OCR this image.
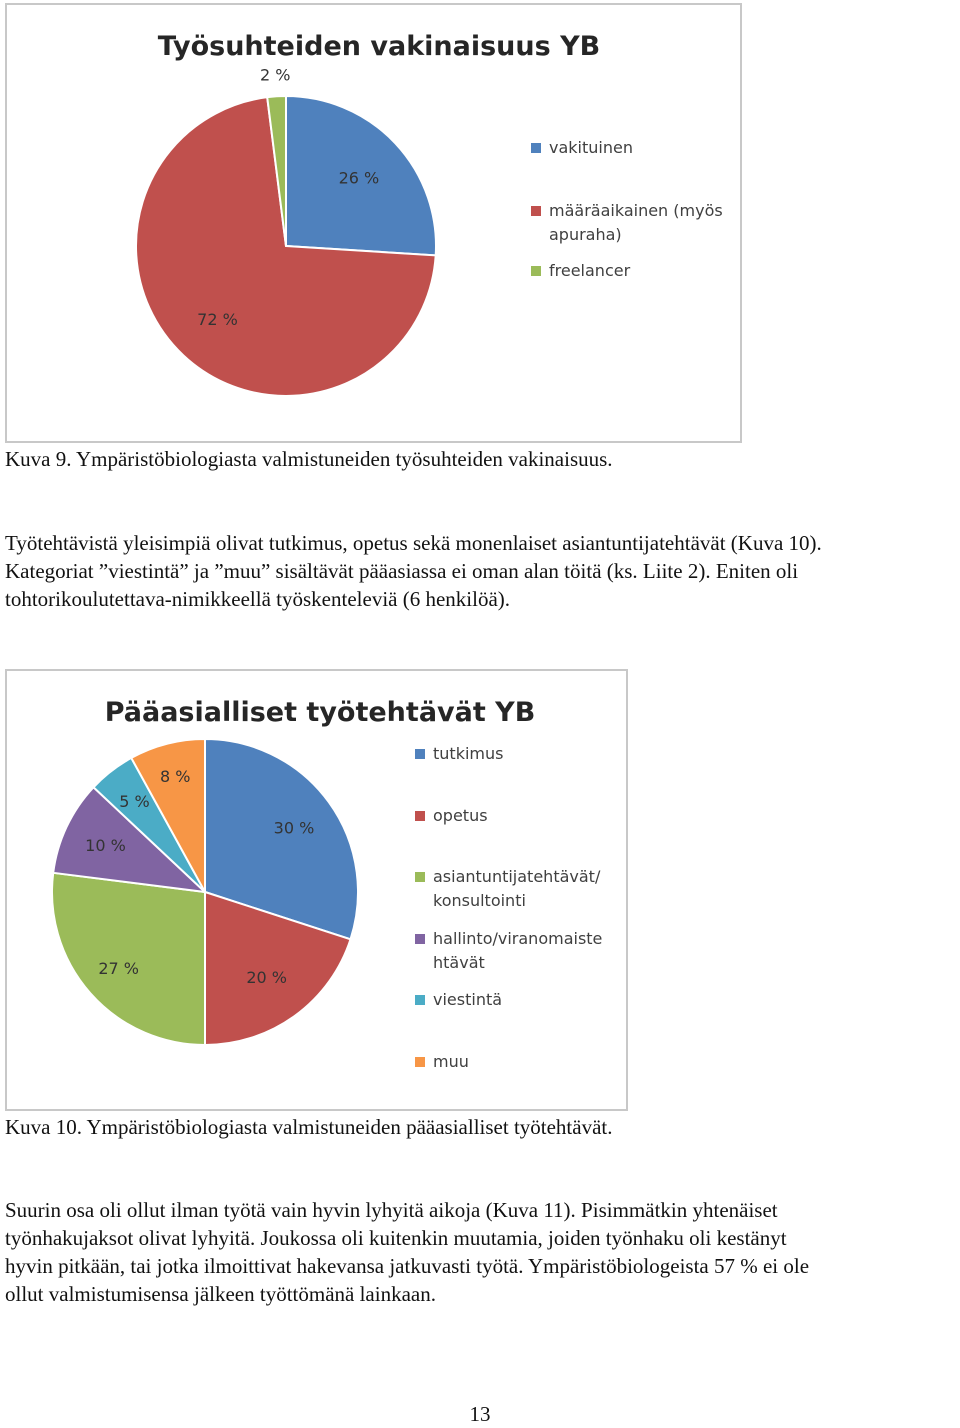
Työsuhteiden vakinaisuus YB
26 %
72 %
2 %
vakituinen
määräaikainen (myös
apuraha)
freelancer

Kuva 9. Ympäristöbiologiasta valmistuneiden työsuhteiden vakinaisuus.

Työtehtävistä yleisimpiä olivat tutkimus, opetus sekä monenlaiset asiantuntijatehtävät (Kuva 10).

Kategoriat ”viestintä” ja ”muu” sisältävät pääasiassa ei oman alan töitä (ks. Liite 2). Eniten oli

tohtorikoulutettava-nimikkeellä työskenteleviä (6 henkilöä).

Pääasialliset työtehtävät YB
30 %
20 %
27 %
10 %
5 %
8 %
tutkimus
opetus
asiantuntijatehtävät/
konsultointi
hallinto/viranomaiste
htävät
viestintä
muu

Kuva 10. Ympäristöbiologiasta valmistuneiden pääasialliset työtehtävät.

Suurin osa oli ollut ilman työtä vain hyvin lyhyitä aikoja (Kuva 11). Pisimmätkin yhtenäiset

työnhakujaksot olivat lyhyitä. Joukossa oli kuitenkin muutamia, joiden työnhaku oli kestänyt

hyvin pitkään, tai jotka ilmoittivat hakevansa jatkuvasti työtä. Ympäristöbiologeista 57 % ei ole

ollut valmistumisensa jälkeen työttömänä lainkaan.

13
